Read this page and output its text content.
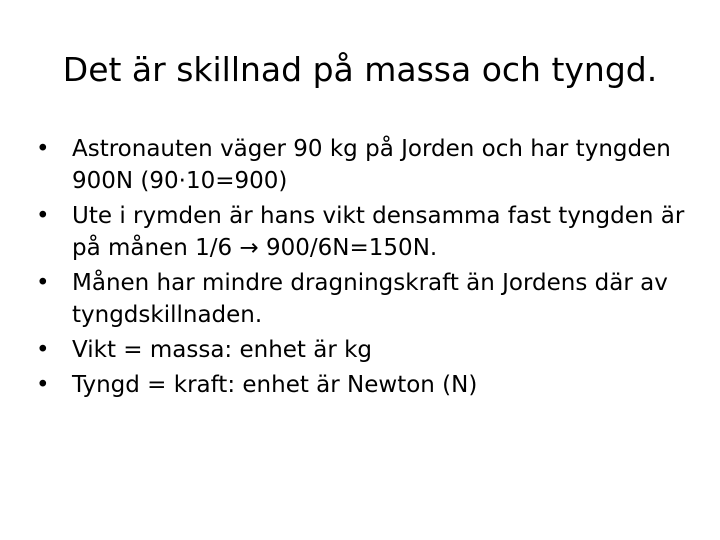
Det är skillnad på massa och tyngd.
• Astronauten väger 90 kg på Jorden och har tyngden 900N (90·10=900)
• Ute i rymden är hans vikt densamma fast tyngden är på månen 1/6 → 900/6N=150N.
• Månen har mindre dragningskraft än Jordens där av tyngdskillnaden.
• Vikt = massa: enhet är kg
• Tyngd = kraft: enhet är Newton (N)
